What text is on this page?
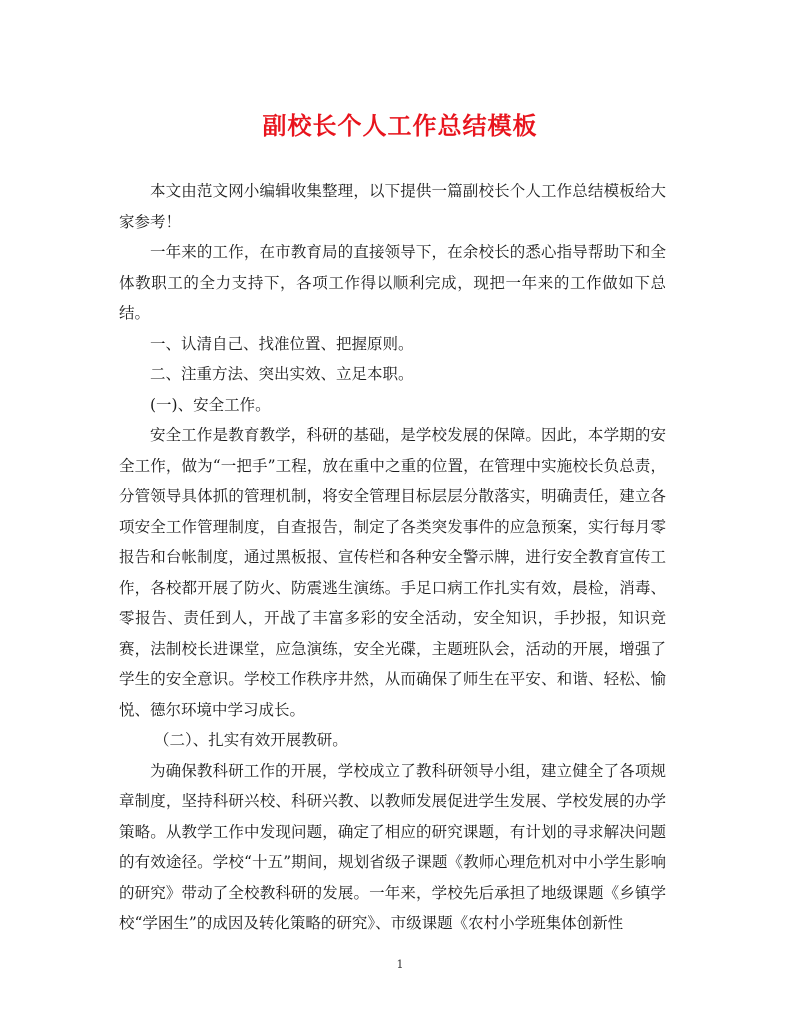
副校长个人工作总结模板

本文由范文网小编辑收集整理，以下提供一篇副校长个人工作总结模板给大家参考！

一年来的工作，在市教育局的直接领导下，在余校长的悉心指导帮助下和全体教职工的全力支持下，各项工作得以顺利完成，现把一年来的工作做如下总结。

一、认清自己、找准位置、把握原则。

二、注重方法、突出实效、立足本职。

(一)、安全工作。

安全工作是教育教学，科研的基础，是学校发展的保障。因此，本学期的安全工作，做为“一把手”工程，放在重中之重的位置，在管理中实施校长负总责，分管领导具体抓的管理机制，将安全管理目标层层分散落实，明确责任，建立各项安全工作管理制度，自查报告，制定了各类突发事件的应急预案，实行每月零报告和台帐制度，通过黑板报、宣传栏和各种安全警示牌，进行安全教育宣传工作，各校都开展了防火、防震逃生演练。手足口病工作扎实有效，晨检，消毒、零报告、责任到人，开战了丰富多彩的安全活动，安全知识，手抄报，知识竞赛，法制校长进课堂，应急演练，安全光碟，主题班队会，活动的开展，增强了学生的安全意识。学校工作秩序井然，从而确保了师生在平安、和谐、轻松、愉悦、德尔环境中学习成长。

（二）、扎实有效开展教研。

为确保教科研工作的开展，学校成立了教科研领导小组，建立健全了各项规章制度，坚持科研兴校、科研兴教、以教师发展促进学生发展、学校发展的办学策略。从教学工作中发现问题，确定了相应的研究课题，有计划的寻求解决问题的有效途径。学校“十五”期间，规划省级子课题《教师心理危机对中小学生影响的研究》带动了全校教科研的发展。一年来，学校先后承担了地级课题《乡镇学校“学困生”的成因及转化策略的研究》、市级课题《农村小学班集体创新性

1
